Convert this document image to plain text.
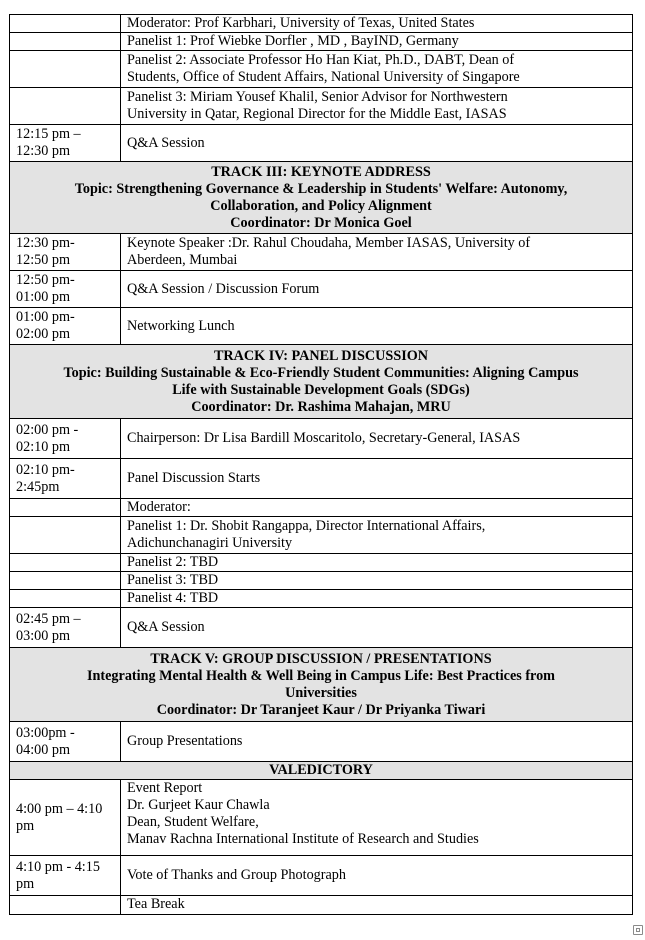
	Moderator: Prof Karbhari, University of Texas, United States

	Panelist 1: Prof Wiebke Dorfler , MD , BayIND, Germany

	Panelist 2: Associate Professor Ho Han Kiat, Ph.D., DABT, Dean of
Students, Office of Student Affairs, National University of Singapore

	Panelist 3: Miriam Yousef Khalil, Senior Advisor for Northwestern
University in Qatar, Regional Director for the Middle East, IASAS

12:15 pm –
12:30 pm	Q&A Session

TRACK III: KEYNOTE ADDRESS
Topic: Strengthening Governance & Leadership in Students' Welfare: Autonomy,
Collaboration, and Policy Alignment
Coordinator: Dr Monica Goel	

12:30 pm-
12:50 pm	Keynote Speaker :Dr. Rahul Choudaha, Member IASAS, University of
Aberdeen, Mumbai

12:50 pm-
01:00 pm	Q&A Session / Discussion Forum

01:00 pm-
02:00 pm	Networking Lunch

TRACK IV: PANEL DISCUSSION
Topic: Building Sustainable & Eco-Friendly Student Communities: Aligning Campus
Life with Sustainable Development Goals (SDGs)
Coordinator: Dr. Rashima Mahajan, MRU	

02:00 pm -
02:10 pm	Chairperson: Dr Lisa Bardill Moscaritolo, Secretary-General, IASAS

02:10 pm-
2:45pm	Panel Discussion Starts

	Moderator:

	Panelist 1: Dr. Shobit Rangappa, Director International Affairs,
Adichunchanagiri University

	Panelist 2: TBD

	Panelist 3: TBD

	Panelist 4: TBD

02:45 pm –
03:00 pm	Q&A Session

TRACK V: GROUP DISCUSSION / PRESENTATIONS
Integrating Mental Health & Well Being in Campus Life: Best Practices from
Universities
Coordinator: Dr Taranjeet Kaur / Dr Priyanka Tiwari	

03:00pm -
04:00 pm	Group Presentations

VALEDICTORY	

4:00 pm – 4:10
pm	Event Report
Dr. Gurjeet Kaur Chawla
Dean, Student Welfare,
Manav Rachna International Institute of Research and Studies

4:10 pm - 4:15
pm	Vote of Thanks and Group Photograph

	Tea Break
